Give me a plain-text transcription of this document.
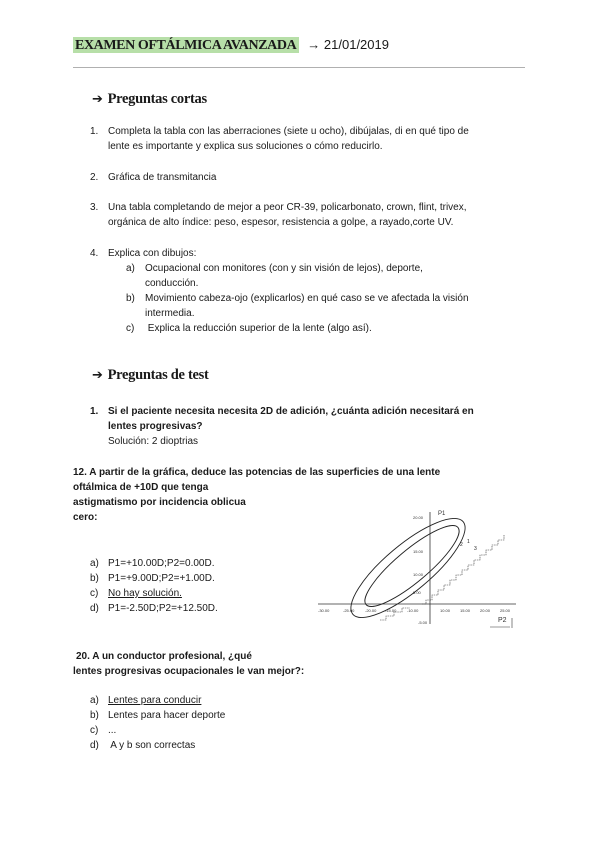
EXAMEN OFTÁLMICA AVANZADA → 21/01/2019
➔ Preguntas cortas
1. Completa la tabla con las aberraciones (siete u ocho), dibújalas, di en qué tipo de
lente es importante y explica sus soluciones o cómo reducirlo.
2. Gráfica de transmitancia
3. Una tabla completando de mejor a peor CR-39, policarbonato, crown, flint, trivex,
orgánica de alto índice: peso, espesor, resistencia a golpe, a rayado,corte UV.
4. Explica con dibujos:
a) Ocupacional con monitores (con y sin visión de lejos), deporte,
conducción.
b) Movimiento cabeza-ojo (explicarlos) en qué caso se ve afectada la visión
intermedia.
c) Explica la reducción superior de la lente (algo así).
➔ Preguntas de test
1. Si el paciente necesita necesita 2D de adición, ¿cuánta adición necesitará en
lentes progresivas?
Solución: 2 dioptrias
12. A partir de la gráfica, deduce las potencias de las superficies de una lente
oftálmica de +10D que tenga
astigmatismo por incidencia oblicua
cero:
a) P1=+10.00D;P2=0.00D.
b) P1=+9.00D;P2=+1.00D.
c) No hay solución.
d) P1=-2.50D;P2=+12.50D.
P1
P2
20.00
15.00
10.00
5.00
-5.00
-30.00	-25.00	-20.00 -15.00	-10.00	10.00 15.00 20.00 25.00
2 1
3
20. A un conductor profesional, ¿qué
lentes progresivas ocupacionales le van mejor?:
a) Lentes para conducir
b) Lentes para hacer deporte
c) ...
d) A y b son correctas
